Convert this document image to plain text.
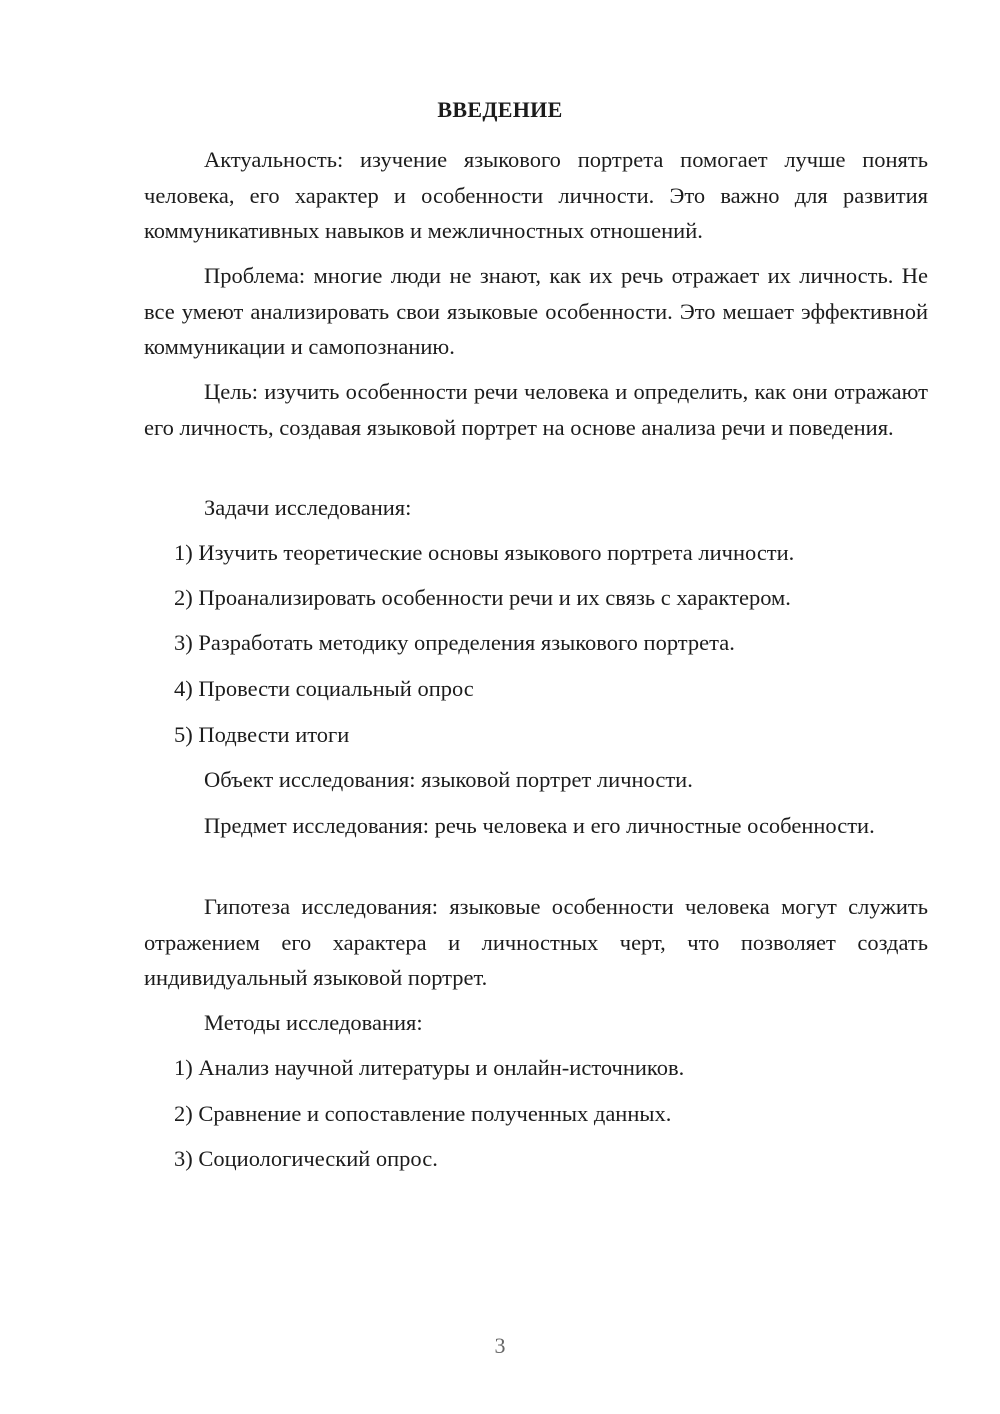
ВВЕДЕНИЕ

Актуальность: изучение языкового портрета помогает лучше понять человека, его характер и особенности личности. Это важно для развития коммуникативных навыков и межличностных отношений.

Проблема: многие люди не знают, как их речь отражает их личность. Не все умеют анализировать свои языковые особенности. Это мешает эффективной коммуникации и самопознанию.

Цель: изучить особенности речи человека и определить, как они отражают его личность, создавая языковой портрет на основе анализа речи и поведения.

Задачи исследования:

1) Изучить теоретические основы языкового портрета личности.

2) Проанализировать особенности речи и их связь с характером.

3) Разработать методику определения языкового портрета.

4) Провести социальный опрос

5) Подвести итоги

Объект исследования: языковой портрет личности.

Предмет исследования: речь человека и его личностные особенности.

Гипотеза исследования: языковые особенности человека могут служить отражением его характера и личностных черт, что позволяет создать индивидуальный языковой портрет.

Методы исследования:

1) Анализ научной литературы и онлайн-источников.

2) Сравнение и сопоставление полученных данных.

3) Социологический опрос.

3
